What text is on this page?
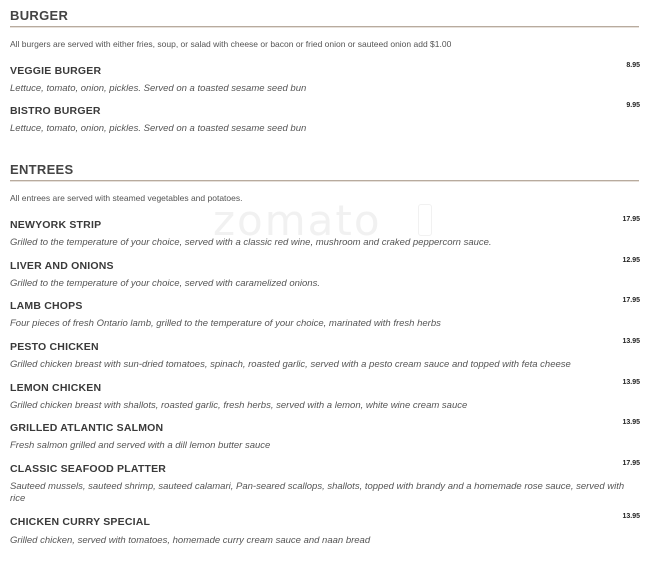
zomato
BURGER
All burgers are served with either fries, soup, or salad with cheese or bacon or fried onion or sauteed onion add $1.00
VEGGIE BURGER	8.95
Lettuce, tomato, onion, pickles. Served on a toasted sesame seed bun
BISTRO BURGER	9.95
Lettuce, tomato, onion, pickles. Served on a toasted sesame seed bun
ENTREES
All entrees are served with steamed vegetables and potatoes.
NEWYORK STRIP	17.95
Grilled to the temperature of your choice, served with a classic red wine, mushroom and craked peppercorn sauce.
LIVER AND ONIONS	12.95
Grilled to the temperature of your choice, served with caramelized onions.
LAMB CHOPS	17.95
Four pieces of fresh Ontario lamb, grilled to the temperature of your choice, marinated with fresh herbs
PESTO CHICKEN	13.95
Grilled chicken breast with sun-dried tomatoes, spinach, roasted garlic, served with a pesto cream sauce and topped with feta cheese
LEMON CHICKEN	13.95
Grilled chicken breast with shallots, roasted garlic, fresh herbs, served with a lemon, white wine cream sauce
GRILLED ATLANTIC SALMON	13.95
Fresh salmon grilled and served with a dill lemon butter sauce
CLASSIC SEAFOOD PLATTER	17.95
Sauteed mussels, sauteed shrimp, sauteed calamari, Pan-seared scallops, shallots, topped with brandy and a homemade rose sauce, served with rice
CHICKEN CURRY SPECIAL	13.95
Grilled chicken, served with tomatoes, homemade curry cream sauce and naan bread
